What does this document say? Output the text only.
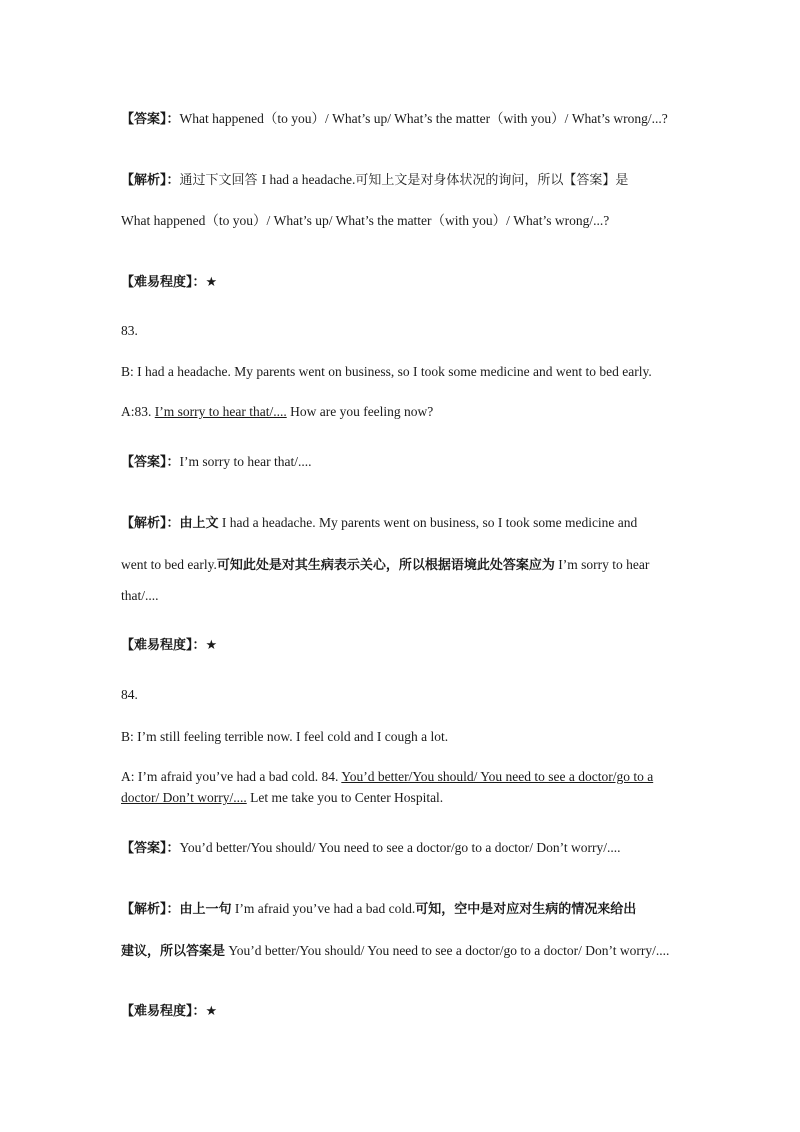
【答案】：What happened（to you）/ What’s up/ What’s the matter（with you）/ What’s wrong/...?
【解析】：通过下文回答 I had a headache.可知上文是对身体状况的询问，所以【答案】是
What happened（to you）/ What’s up/ What’s the matter（with you）/ What’s wrong/...?
【难易程度】：★
83.
B: I had a headache. My parents went on business, so I took some medicine and went to bed early.
A:83. I’m sorry to hear that/.... How are you feeling now?
【答案】：I’m sorry to hear that/....
【解析】：由上文 I had a headache. My parents went on business, so I took some medicine and
went to bed early.可知此处是对其生病表示关心，所以根据语境此处答案应为 I’m sorry to hear
that/....
【难易程度】：★
84.
B: I’m still feeling terrible now. I feel cold and I cough a lot.
A: I’m afraid you’ve had a bad cold. 84. You’d better/You should/ You need to see a doctor/go to a
doctor/ Don’t worry/.... Let me take you to Center Hospital.
【答案】：You’d better/You should/ You need to see a doctor/go to a doctor/ Don’t worry/....
【解析】：由上一句 I’m afraid you’ve had a bad cold.可知，空中是对应对生病的情况来给出
建议，所以答案是 You’d better/You should/ You need to see a doctor/go to a doctor/ Don’t worry/....
【难易程度】：★
